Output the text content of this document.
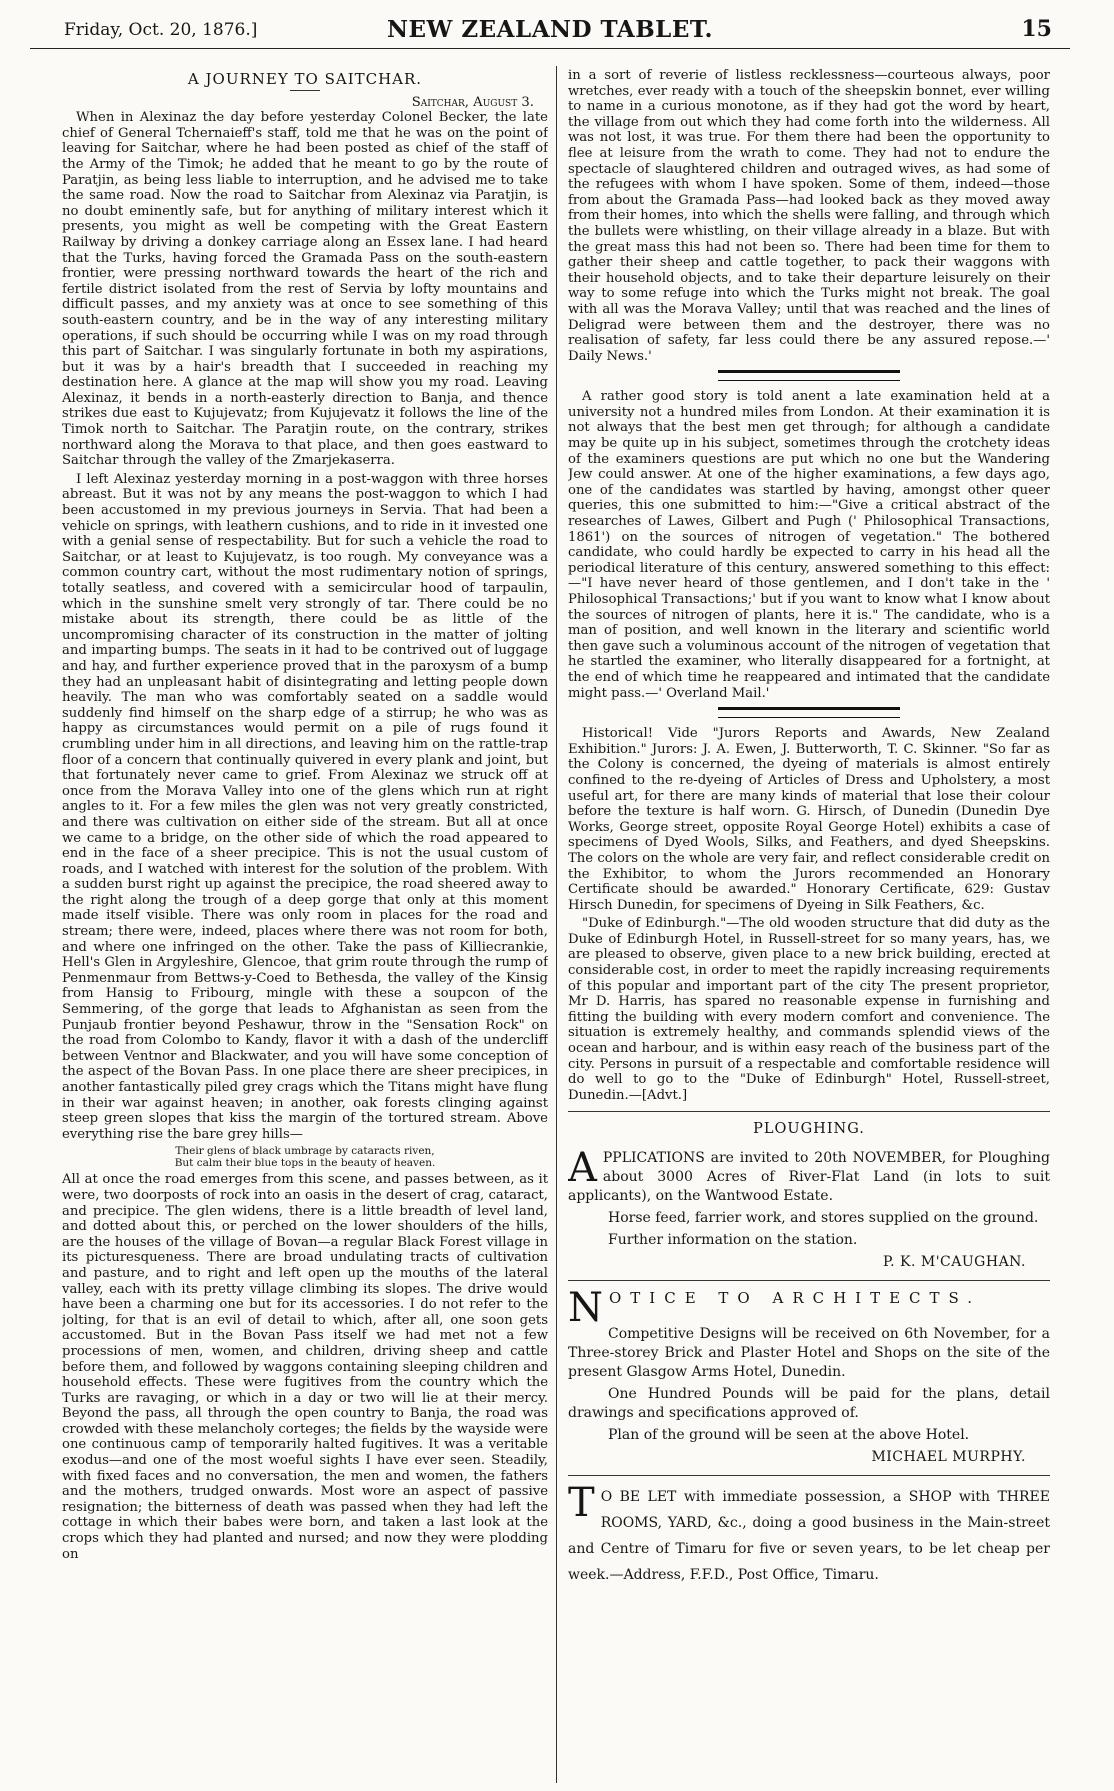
Friday, Oct. 20, 1876.]	NEW ZEALAND TABLET.	15
A JOURNEY TO SAITCHAR.
Saitchar, August 3.

When in Alexinaz the day before yesterday Colonel Becker, the late chief of General Tchernaieff's staff, told me that he was on the point of leaving for Saitchar, where he had been posted as chief of the staff of the Army of the Timok; he added that he meant to go by the route of Paratjin, as being less liable to interruption, and he advised me to take the same road. Now the road to Saitchar from Alexinaz via Paratjin, is no doubt eminently safe, but for anything of military interest which it presents, you might as well be competing with the Great Eastern Railway by driving a donkey carriage along an Essex lane. I had heard that the Turks, having forced the Gramada Pass on the south-eastern frontier, were pressing northward towards the heart of the rich and fertile district isolated from the rest of Servia by lofty mountains and difficult passes, and my anxiety was at once to see something of this south-eastern country, and be in the way of any interesting military operations, if such should be occurring while I was on my road through this part of Saitchar. I was singularly fortunate in both my aspirations, but it was by a hair's breadth that I succeeded in reaching my destination here. A glance at the map will show you my road. Leaving Alexinaz, it bends in a north-easterly direction to Banja, and thence strikes due east to Kujujevatz; from Kujujevatz it follows the line of the Timok north to Saitchar. The Paratjin route, on the contrary, strikes northward along the Morava to that place, and then goes eastward to Saitchar through the valley of the Zmarjekaserra.

I left Alexinaz yesterday morning in a post-waggon with three horses abreast. But it was not by any means the post-waggon to which I had been accustomed in my previous journeys in Servia. That had been a vehicle on springs, with leathern cushions, and to ride in it invested one with a genial sense of respectability. But for such a vehicle the road to Saitchar, or at least to Kujujevatz, is too rough. My conveyance was a common country cart, without the most rudimentary notion of springs, totally seatless, and covered with a semicircular hood of tarpaulin, which in the sunshine smelt very strongly of tar. There could be no mistake about its strength, there could be as little of the uncompromising character of its construction in the matter of jolting and imparting bumps. The seats in it had to be contrived out of luggage and hay, and further experience proved that in the paroxysm of a bump they had an unpleasant habit of disintegrating and letting people down heavily. The man who was comfortably seated on a saddle would suddenly find himself on the sharp edge of a stirrup; he who was as happy as circumstances would permit on a pile of rugs found it crumbling under him in all directions, and leaving him on the rattle-trap floor of a concern that continually quivered in every plank and joint, but that fortunately never came to grief. From Alexinaz we struck off at once from the Morava Valley into one of the glens which run at right angles to it. For a few miles the glen was not very greatly constricted, and there was cultivation on either side of the stream. But all at once we came to a bridge, on the other side of which the road appeared to end in the face of a sheer precipice. This is not the usual custom of roads, and I watched with interest for the solution of the problem. With a sudden burst right up against the precipice, the road sheered away to the right along the trough of a deep gorge that only at this moment made itself visible. There was only room in places for the road and stream; there were, indeed, places where there was not room for both, and where one infringed on the other. Take the pass of Killiecrankie, Hell's Glen in Argyleshire, Glencoe, that grim route through the rump of Penmenmaur from Bettws-y-Coed to Bethesda, the valley of the Kinsig from Hansig to Fribourg, mingle with these a soupcon of the Semmering, of the gorge that leads to Afghanistan as seen from the Punjaub frontier beyond Peshawur, throw in the "Sensation Rock" on the road from Colombo to Kandy, flavor it with a dash of the undercliff between Ventnor and Blackwater, and you will have some conception of the aspect of the Bovan Pass. In one place there are sheer precipices, in another fantastically piled grey crags which the Titans might have flung in their war against heaven; in another, oak forests clinging against steep green slopes that kiss the margin of the tortured stream. Above everything rise the bare grey hills—

Their glens of black umbrage by cataracts riven,
But calm their blue tops in the beauty of heaven.

All at once the road emerges from this scene, and passes between, as it were, two doorposts of rock into an oasis in the desert of crag, cataract, and precipice. The glen widens, there is a little breadth of level land, and dotted about this, or perched on the lower shoulders of the hills, are the houses of the village of Bovan—a regular Black Forest village in its picturesqueness. There are broad undulating tracts of cultivation and pasture, and to right and left open up the mouths of the lateral valley, each with its pretty village climbing its slopes. The drive would have been a charming one but for its accessories. I do not refer to the jolting, for that is an evil of detail to which, after all, one soon gets accustomed. But in the Bovan Pass itself we had met not a few processions of men, women, and children, driving sheep and cattle before them, and followed by waggons containing sleeping children and household effects. These were fugitives from the country which the Turks are ravaging, or which in a day or two will lie at their mercy. Beyond the pass, all through the open country to Banja, the road was crowded with these melancholy corteges; the fields by the wayside were one continuous camp of temporarily halted fugitives. It was a veritable exodus—and one of the most woeful sights I have ever seen. Steadily, with fixed faces and no conversation, the men and women, the fathers and the mothers, trudged onwards. Most wore an aspect of passive resignation; the bitterness of death was passed when they had left the cottage in which their babes were born, and taken a last look at the crops which they had planted and nursed; and now they were plodding on

in a sort of reverie of listless recklessness—courteous always, poor wretches, ever ready with a touch of the sheepskin bonnet, ever willing to name in a curious monotone, as if they had got the word by heart, the village from out which they had come forth into the wilderness. All was not lost, it was true. For them there had been the opportunity to flee at leisure from the wrath to come. They had not to endure the spectacle of slaughtered children and outraged wives, as had some of the refugees with whom I have spoken. Some of them, indeed—those from about the Gramada Pass—had looked back as they moved away from their homes, into which the shells were falling, and through which the bullets were whistling, on their village already in a blaze. But with the great mass this had not been so. There had been time for them to gather their sheep and cattle together, to pack their waggons with their household objects, and to take their departure leisurely on their way to some refuge into which the Turks might not break. The goal with all was the Morava Valley; until that was reached and the lines of Deligrad were between them and the destroyer, there was no realisation of safety, far less could there be any assured repose.—' Daily News.'

A rather good story is told anent a late examination held at a university not a hundred miles from London. At their examination it is not always that the best men get through; for although a candidate may be quite up in his subject, sometimes through the crotchety ideas of the examiners questions are put which no one but the Wandering Jew could answer. At one of the higher examinations, a few days ago, one of the candidates was startled by having, amongst other queer queries, this one submitted to him:—"Give a critical abstract of the researches of Lawes, Gilbert and Pugh (' Philosophical Transactions, 1861') on the sources of nitrogen of vegetation." The bothered candidate, who could hardly be expected to carry in his head all the periodical literature of this century, answered something to this effect:—"I have never heard of those gentlemen, and I don't take in the ' Philosophical Transactions;' but if you want to know what I know about the sources of nitrogen of plants, here it is." The candidate, who is a man of position, and well known in the literary and scientific world then gave such a voluminous account of the nitrogen of vegetation that he startled the examiner, who literally disappeared for a fortnight, at the end of which time he reappeared and intimated that the candidate might pass.—' Overland Mail.'

Historical! Vide "Jurors Reports and Awards, New Zealand Exhibition." Jurors: J. A. Ewen, J. Butterworth, T. C. Skinner. "So far as the Colony is concerned, the dyeing of materials is almost entirely confined to the re-dyeing of Articles of Dress and Upholstery, a most useful art, for there are many kinds of material that lose their colour before the texture is half worn. G. Hirsch, of Dunedin (Dunedin Dye Works, George street, opposite Royal George Hotel) exhibits a case of specimens of Dyed Wools, Silks, and Feathers, and dyed Sheepskins. The colors on the whole are very fair, and reflect considerable credit on the Exhibitor, to whom the Jurors recommended an Honorary Certificate should be awarded." Honorary Certificate, 629: Gustav Hirsch Dunedin, for specimens of Dyeing in Silk Feathers, &c.

"Duke of Edinburgh."—The old wooden structure that did duty as the Duke of Edinburgh Hotel, in Russell-street for so many years, has, we are pleased to observe, given place to a new brick building, erected at considerable cost, in order to meet the rapidly increasing requirements of this popular and important part of the city The present proprietor, Mr D. Harris, has spared no reasonable expense in furnishing and fitting the building with every modern comfort and convenience. The situation is extremely healthy, and commands splendid views of the ocean and harbour, and is within easy reach of the business part of the city. Persons in pursuit of a respectable and comfortable residence will do well to go to the "Duke of Edinburgh" Hotel, Russell-street, Dunedin.—[Advt.]

PLOUGHING.

APPLICATIONS are invited to 20th NOVEMBER, for Ploughing about 3000 Acres of River-Flat Land (in lots to suit applicants), on the Wantwood Estate.

Horse feed, farrier work, and stores supplied on the ground.

Further information on the station.

P. K. M'CAUGHAN.

NOTICE TO ARCHITECTS.

Competitive Designs will be received on 6th November, for a Three-storey Brick and Plaster Hotel and Shops on the site of the present Glasgow Arms Hotel, Dunedin.

One Hundred Pounds will be paid for the plans, detail drawings and specifications approved of.

Plan of the ground will be seen at the above Hotel.

MICHAEL MURPHY.

T O BE LET with immediate possession, a SHOP with THREE ROOMS, YARD, &c., doing a good business in the Main-street and Centre of Timaru for five or seven years, to be let cheap per week.—Address, F.F.D., Post Office, Timaru.
